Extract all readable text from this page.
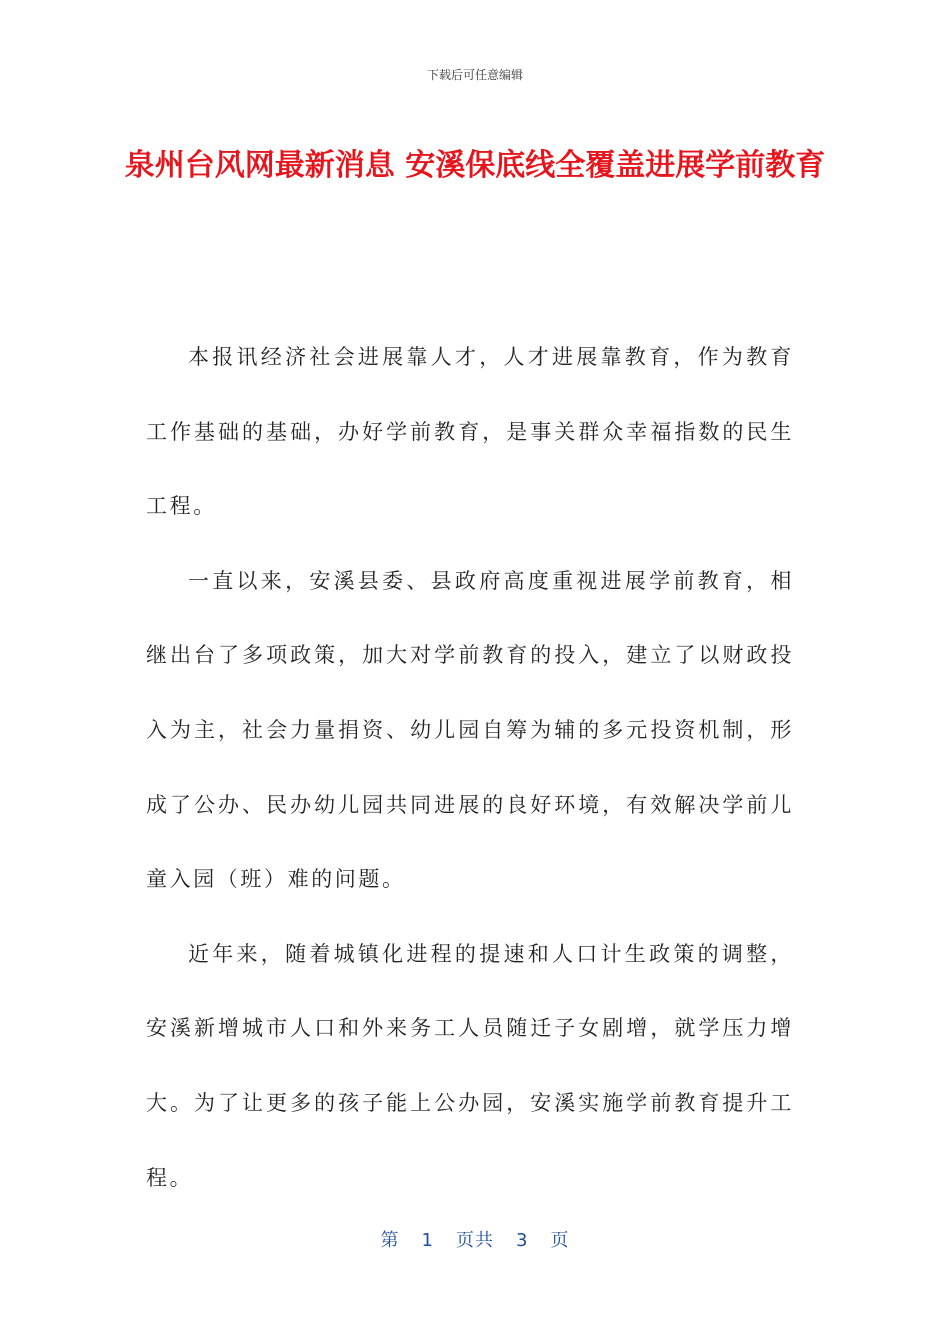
下载后可任意编辑
泉州台风网最新消息 安溪保底线全覆盖进展学前教育

本报讯经济社会进展靠人才，人才进展靠教育，作为教育工作基础的基础，办好学前教育，是事关群众幸福指数的民生工程。

一直以来，安溪县委、县政府高度重视进展学前教育，相继出台了多项政策，加大对学前教育的投入，建立了以财政投入为主，社会力量捐资、幼儿园自筹为辅的多元投资机制，形成了公办、民办幼儿园共同进展的良好环境，有效解决学前儿童入园（班）难的问题。

近年来，随着城镇化进程的提速和人口计生政策的调整，安溪新增城市人口和外来务工人员随迁子女剧增，就学压力增大。为了让更多的孩子能上公办园，安溪实施学前教育提升工程。

第 1 页共 3 页
